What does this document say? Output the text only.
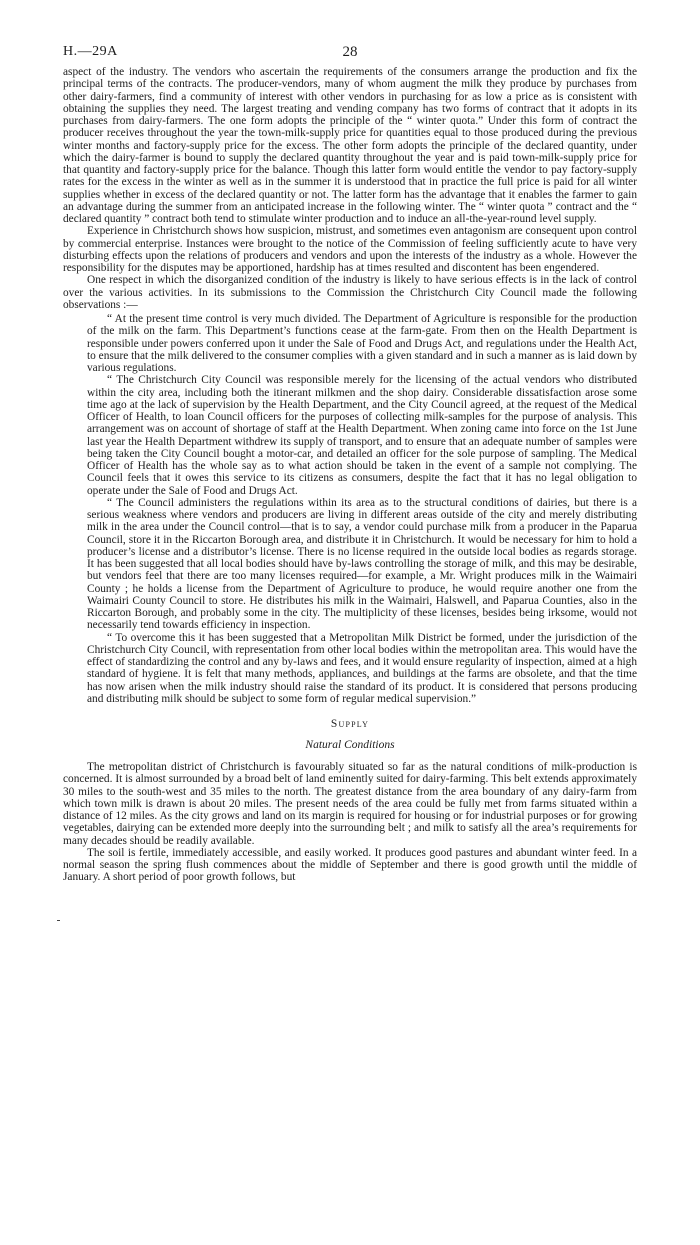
H.—29A	28

aspect of the industry. The vendors who ascertain the requirements of the consumers arrange the production and fix the principal terms of the contracts. The producer-vendors, many of whom augment the milk they produce by purchases from other dairy-farmers, find a community of interest with other vendors in purchasing for as low a price as is consistent with obtaining the supplies they need. The largest treating and vending company has two forms of contract that it adopts in its purchases from dairy-farmers. The one form adopts the principle of the “ winter quota.” Under this form of contract the producer receives throughout the year the town-milk-supply price for quantities equal to those produced during the previous winter months and factory-supply price for the excess. The other form adopts the principle of the declared quantity, under which the dairy-farmer is bound to supply the declared quantity throughout the year and is paid town-milk-supply price for that quantity and factory-supply price for the balance. Though this latter form would entitle the vendor to pay factory-supply rates for the excess in the winter as well as in the summer it is understood that in practice the full price is paid for all winter supplies whether in excess of the declared quantity or not. The latter form has the advantage that it enables the farmer to gain an advantage during the summer from an anticipated increase in the following winter. The “ winter quota ” contract and the “ declared quantity ” contract both tend to stimulate winter production and to induce an all-the-year-round level supply.

Experience in Christchurch shows how suspicion, mistrust, and sometimes even antagonism are consequent upon control by commercial enterprise. Instances were brought to the notice of the Commission of feeling sufficiently acute to have very disturbing effects upon the relations of producers and vendors and upon the interests of the industry as a whole. However the responsibility for the disputes may be apportioned, hardship has at times resulted and discontent has been engendered.

One respect in which the disorganized condition of the industry is likely to have serious effects is in the lack of control over the various activities. In its submissions to the Commission the Christchurch City Council made the following observations :—

“ At the present time control is very much divided. The Department of Agriculture is responsible for the production of the milk on the farm. This Department’s functions cease at the farm-gate. From then on the Health Department is responsible under powers conferred upon it under the Sale of Food and Drugs Act, and regulations under the Health Act, to ensure that the milk delivered to the consumer complies with a given standard and in such a manner as is laid down by various regulations.

“ The Christchurch City Council was responsible merely for the licensing of the actual vendors who distributed within the city area, including both the itinerant milkmen and the shop dairy. Considerable dissatisfaction arose some time ago at the lack of supervision by the Health Department, and the City Council agreed, at the request of the Medical Officer of Health, to loan Council officers for the purposes of collecting milk-samples for the purpose of analysis. This arrangement was on account of shortage of staff at the Health Department. When zoning came into force on the 1st June last year the Health Department withdrew its supply of transport, and to ensure that an adequate number of samples were being taken the City Council bought a motor-car, and detailed an officer for the sole purpose of sampling. The Medical Officer of Health has the whole say as to what action should be taken in the event of a sample not complying. The Council feels that it owes this service to its citizens as consumers, despite the fact that it has no legal obligation to operate under the Sale of Food and Drugs Act.

“ The Council administers the regulations within its area as to the structural conditions of dairies, but there is a serious weakness where vendors and producers are living in different areas outside of the city and merely distributing milk in the area under the Council control—that is to say, a vendor could purchase milk from a producer in the Paparua Council, store it in the Riccarton Borough area, and distribute it in Christchurch. It would be necessary for him to hold a producer’s license and a distributor’s license. There is no license required in the outside local bodies as regards storage. It has been suggested that all local bodies should have by-laws controlling the storage of milk, and this may be desirable, but vendors feel that there are too many licenses required—for example, a Mr. Wright produces milk in the Waimairi County ; he holds a license from the Department of Agriculture to produce, he would require another one from the Waimairi County Council to store. He distributes his milk in the Waimairi, Halswell, and Paparua Counties, also in the Riccarton Borough, and probably some in the city. The multiplicity of these licenses, besides being irksome, would not necessarily tend towards efficiency in inspection.

“ To overcome this it has been suggested that a Metropolitan Milk District be formed, under the jurisdiction of the Christchurch City Council, with representation from other local bodies within the metropolitan area. This would have the effect of standardizing the control and any by-laws and fees, and it would ensure regularity of inspection, aimed at a high standard of hygiene. It is felt that many methods, appliances, and buildings at the farms are obsolete, and that the time has now arisen when the milk industry should raise the standard of its product. It is considered that persons producing and distributing milk should be subject to some form of regular medical supervision.”

Supply
Natural Conditions

The metropolitan district of Christchurch is favourably situated so far as the natural conditions of milk-production is concerned. It is almost surrounded by a broad belt of land eminently suited for dairy-farming. This belt extends approximately 30 miles to the south-west and 35 miles to the north. The greatest distance from the area boundary of any dairy-farm from which town milk is drawn is about 20 miles. The present needs of the area could be fully met from farms situated within a distance of 12 miles. As the city grows and land on its margin is required for housing or for industrial purposes or for growing vegetables, dairying can be extended more deeply into the surrounding belt ; and milk to satisfy all the area’s requirements for many decades should be readily available.

The soil is fertile, immediately accessible, and easily worked. It produces good pastures and abundant winter feed. In a normal season the spring flush commences about the middle of September and there is good growth until the middle of January. A short period of poor growth follows, but
